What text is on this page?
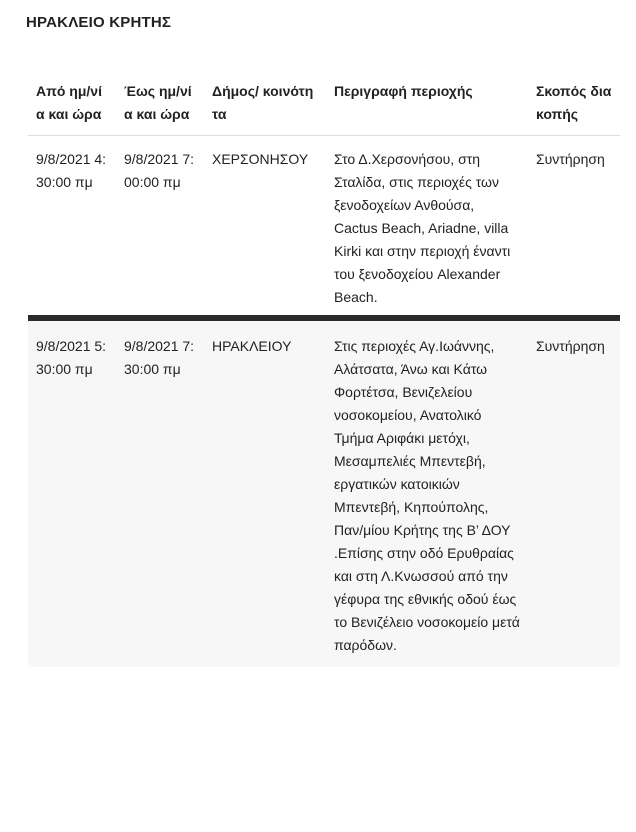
ΗΡΑΚΛΕΙΟ ΚΡΗΤΗΣ
Από ημ/νία και ώρα	Έως ημ/νία και ώρα	Δήμος/ κοινότητα	Περιγραφή περιοχής	Σκοπός διακοπής
9/8/2021 4:30:00 πμ	9/8/2021 7:00:00 πμ	ΧΕΡΣΟΝΗΣΟΥ	Στο Δ.Χερσονήσου, στη Σταλίδα, στις περιοχές των ξενοδοχείων Ανθούσα, Cactus Beach, Ariadne, villa Kirki και στην περιοχή έναντι του ξενοδοχείου Alexander Beach.	Συντήρηση
9/8/2021 5:30:00 πμ	9/8/2021 7:30:00 πμ	ΗΡΑΚΛΕΙΟΥ	Στις περιοχές Αγ.Ιωάννης, Αλάτσατα, Άνω και Κάτω Φορτέτσα, Βενιζελείου νοσοκομείου, Ανατολικό Τμήμα Αριφάκι μετόχι, Μεσαμπελιές Μπεντεβή, εργατικών κατοικιών Μπεντεβή, Κηπούπολης, Παν/μίου Κρήτης της Β’ ΔΟΥ .Επίσης στην οδό Ερυθραίας και στη Λ.Κνωσσού από την γέφυρα της εθνικής οδού έως το Βενιζέλειο νοσοκομείο μετά παρόδων.	Συντήρηση
